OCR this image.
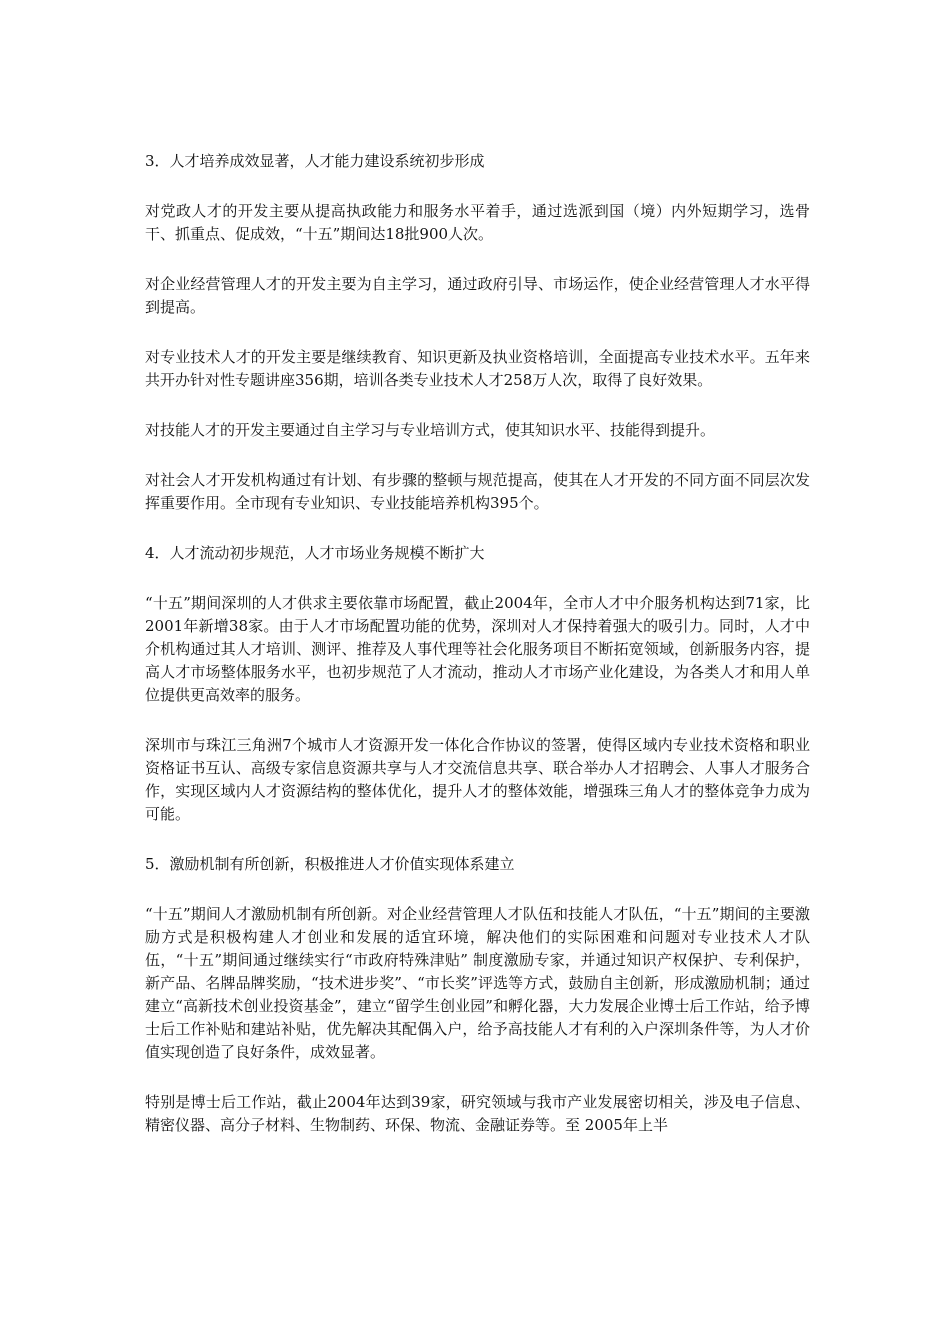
3．人才培养成效显著，人才能力建设系统初步形成
对党政人才的开发主要从提高执政能力和服务水平着手，通过选派到国（境）内外短期学习，选骨干、抓重点、促成效，“十五”期间达18批900人次。
对企业经营管理人才的开发主要为自主学习，通过政府引导、市场运作，使企业经营管理人才水平得到提高。
对专业技术人才的开发主要是继续教育、知识更新及执业资格培训，全面提高专业技术水平。五年来共开办针对性专题讲座356期，培训各类专业技术人才258万人次，取得了良好效果。
对技能人才的开发主要通过自主学习与专业培训方式，使其知识水平、技能得到提升。
对社会人才开发机构通过有计划、有步骤的整顿与规范提高，使其在人才开发的不同方面不同层次发挥重要作用。全市现有专业知识、专业技能培养机构395个。
4．人才流动初步规范，人才市场业务规模不断扩大
“十五”期间深圳的人才供求主要依靠市场配置，截止2004年，全市人才中介服务机构达到71家，比2001年新增38家。由于人才市场配置功能的优势，深圳对人才保持着强大的吸引力。同时，人才中介机构通过其人才培训、测评、推荐及人事代理等社会化服务项目不断拓宽领域，创新服务内容，提高人才市场整体服务水平，也初步规范了人才流动，推动人才市场产业化建设，为各类人才和用人单位提供更高效率的服务。
深圳市与珠江三角洲7个城市人才资源开发一体化合作协议的签署，使得区域内专业技术资格和职业资格证书互认、高级专家信息资源共享与人才交流信息共享、联合举办人才招聘会、人事人才服务合作，实现区域内人才资源结构的整体优化，提升人才的整体效能，增强珠三角人才的整体竞争力成为可能。
5．激励机制有所创新，积极推进人才价值实现体系建立
“十五”期间人才激励机制有所创新。对企业经营管理人才队伍和技能人才队伍，“十五”期间的主要激励方式是积极构建人才创业和发展的适宜环境，解决他们的实际困难和问题对专业技术人才队伍，“十五”期间通过继续实行“市政府特殊津贴” 制度激励专家，并通过知识产权保护、专利保护，新产品、名牌品牌奖励，“技术进步奖”、“市长奖”评选等方式，鼓励自主创新，形成激励机制；通过建立“高新技术创业投资基金”，建立“留学生创业园”和孵化器，大力发展企业博士后工作站，给予博士后工作补贴和建站补贴，优先解决其配偶入户，给予高技能人才有利的入户深圳条件等，为人才价值实现创造了良好条件，成效显著。
特别是博士后工作站，截止2004年达到39家，研究领域与我市产业发展密切相关，涉及电子信息、精密仪器、高分子材料、生物制药、环保、物流、金融证券等。至 2005年上半
